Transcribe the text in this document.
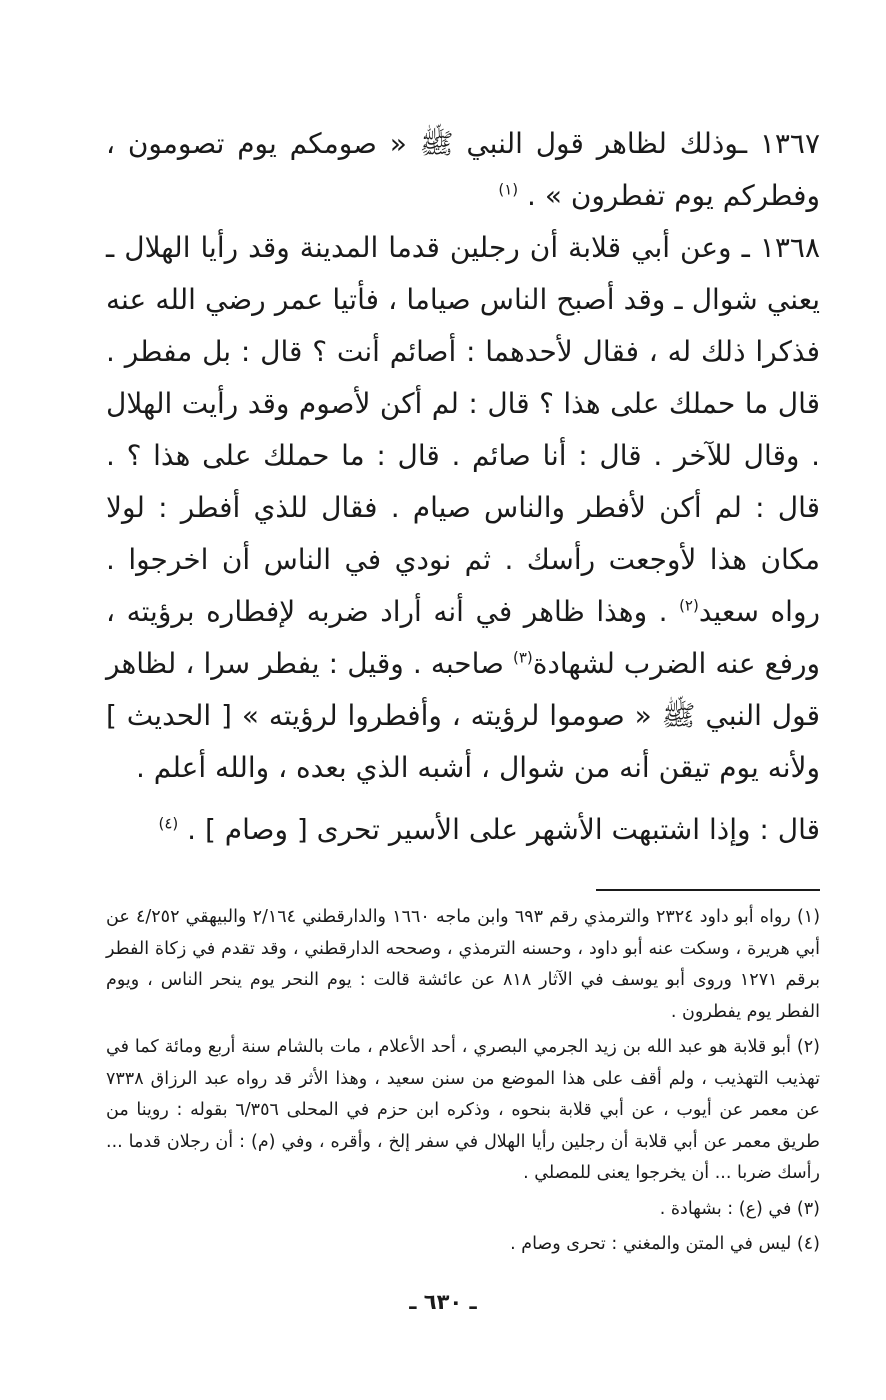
١٣٦٧ ـوذلك لظاهر قول النبي ﷺ « صومكم يوم تصومون ، وفطركم يوم تفطرون » . $^{(١)}$

١٣٦٨ ـ وعن أبي قلابة أن رجلين قدما المدينة وقد رأيا الهلال ـ يعني شوال ـ وقد أصبح الناس صياما ، فأتيا عمر رضي الله عنه فذكرا ذلك له ، فقال لأحدهما : أصائم أنت ؟ قال : بل مفطر . قال ما حملك على هذا ؟ قال : لم أكن لأصوم وقد رأيت الهلال . وقال للآخر . قال : أنا صائم . قال : ما حملك على هذا ؟ . قال : لم أكن لأفطر والناس صيام . فقال للذي أفطر : لولا مكان هذا لأوجعت رأسك . ثم نودي في الناس أن اخرجوا . رواه سعيد$^{(٢)}$ . وهذا ظاهر في أنه أراد ضربه لإفطاره برؤيته ، ورفع عنه الضرب لشهادة$^{(٣)}$ صاحبه . وقيل : يفطر سرا ، لظاهر قول النبي ﷺ « صوموا لرؤيته ، وأفطروا لرؤيته » [ الحديث ] ولأنه يوم تيقن أنه من شوال ، أشبه الذي بعده ، والله أعلم .

قال : وإذا اشتبهت الأشهر على الأسير تحرى [ وصام ] . $^{(٤)}$

(١) رواه أبو داود ٢٣٢٤ والترمذي رقم ٦٩٣ وابن ماجه ١٦٦٠ والدارقطني ٢/١٦٤ والبيهقي ٤/٢٥٢ عن أبي هريرة ، وسكت عنه أبو داود ، وحسنه الترمذي ، وصححه الدارقطني ، وقد تقدم في زكاة الفطر برقم ١٢٧١ وروى أبو يوسف في الآثار ٨١٨ عن عائشة قالت : يوم النحر يوم ينحر الناس ، ويوم الفطر يوم يفطرون .

(٢) أبو قلابة هو عبد الله بن زيد الجرمي البصري ، أحد الأعلام ، مات بالشام سنة أربع ومائة كما في تهذيب التهذيب ، ولم أقف على هذا الموضع من سنن سعيد ، وهذا الأثر قد رواه عبد الرزاق ٧٣٣٨ عن معمر عن أيوب ، عن أبي قلابة بنحوه ، وذكره ابن حزم في المحلى ٦/٣٥٦ بقوله : روينا من طريق معمر عن أبي قلابة أن رجلين رأيا الهلال في سفر إلخ ، وأقره ، وفي (م) : أن رجلان قدما ... رأسك ضربا ... أن يخرجوا يعنى للمصلي .

(٣) في (ع) : بشهادة .

(٤) ليس في المتن والمغني : تحرى وصام .

ـ ٦٣٠ ـ
